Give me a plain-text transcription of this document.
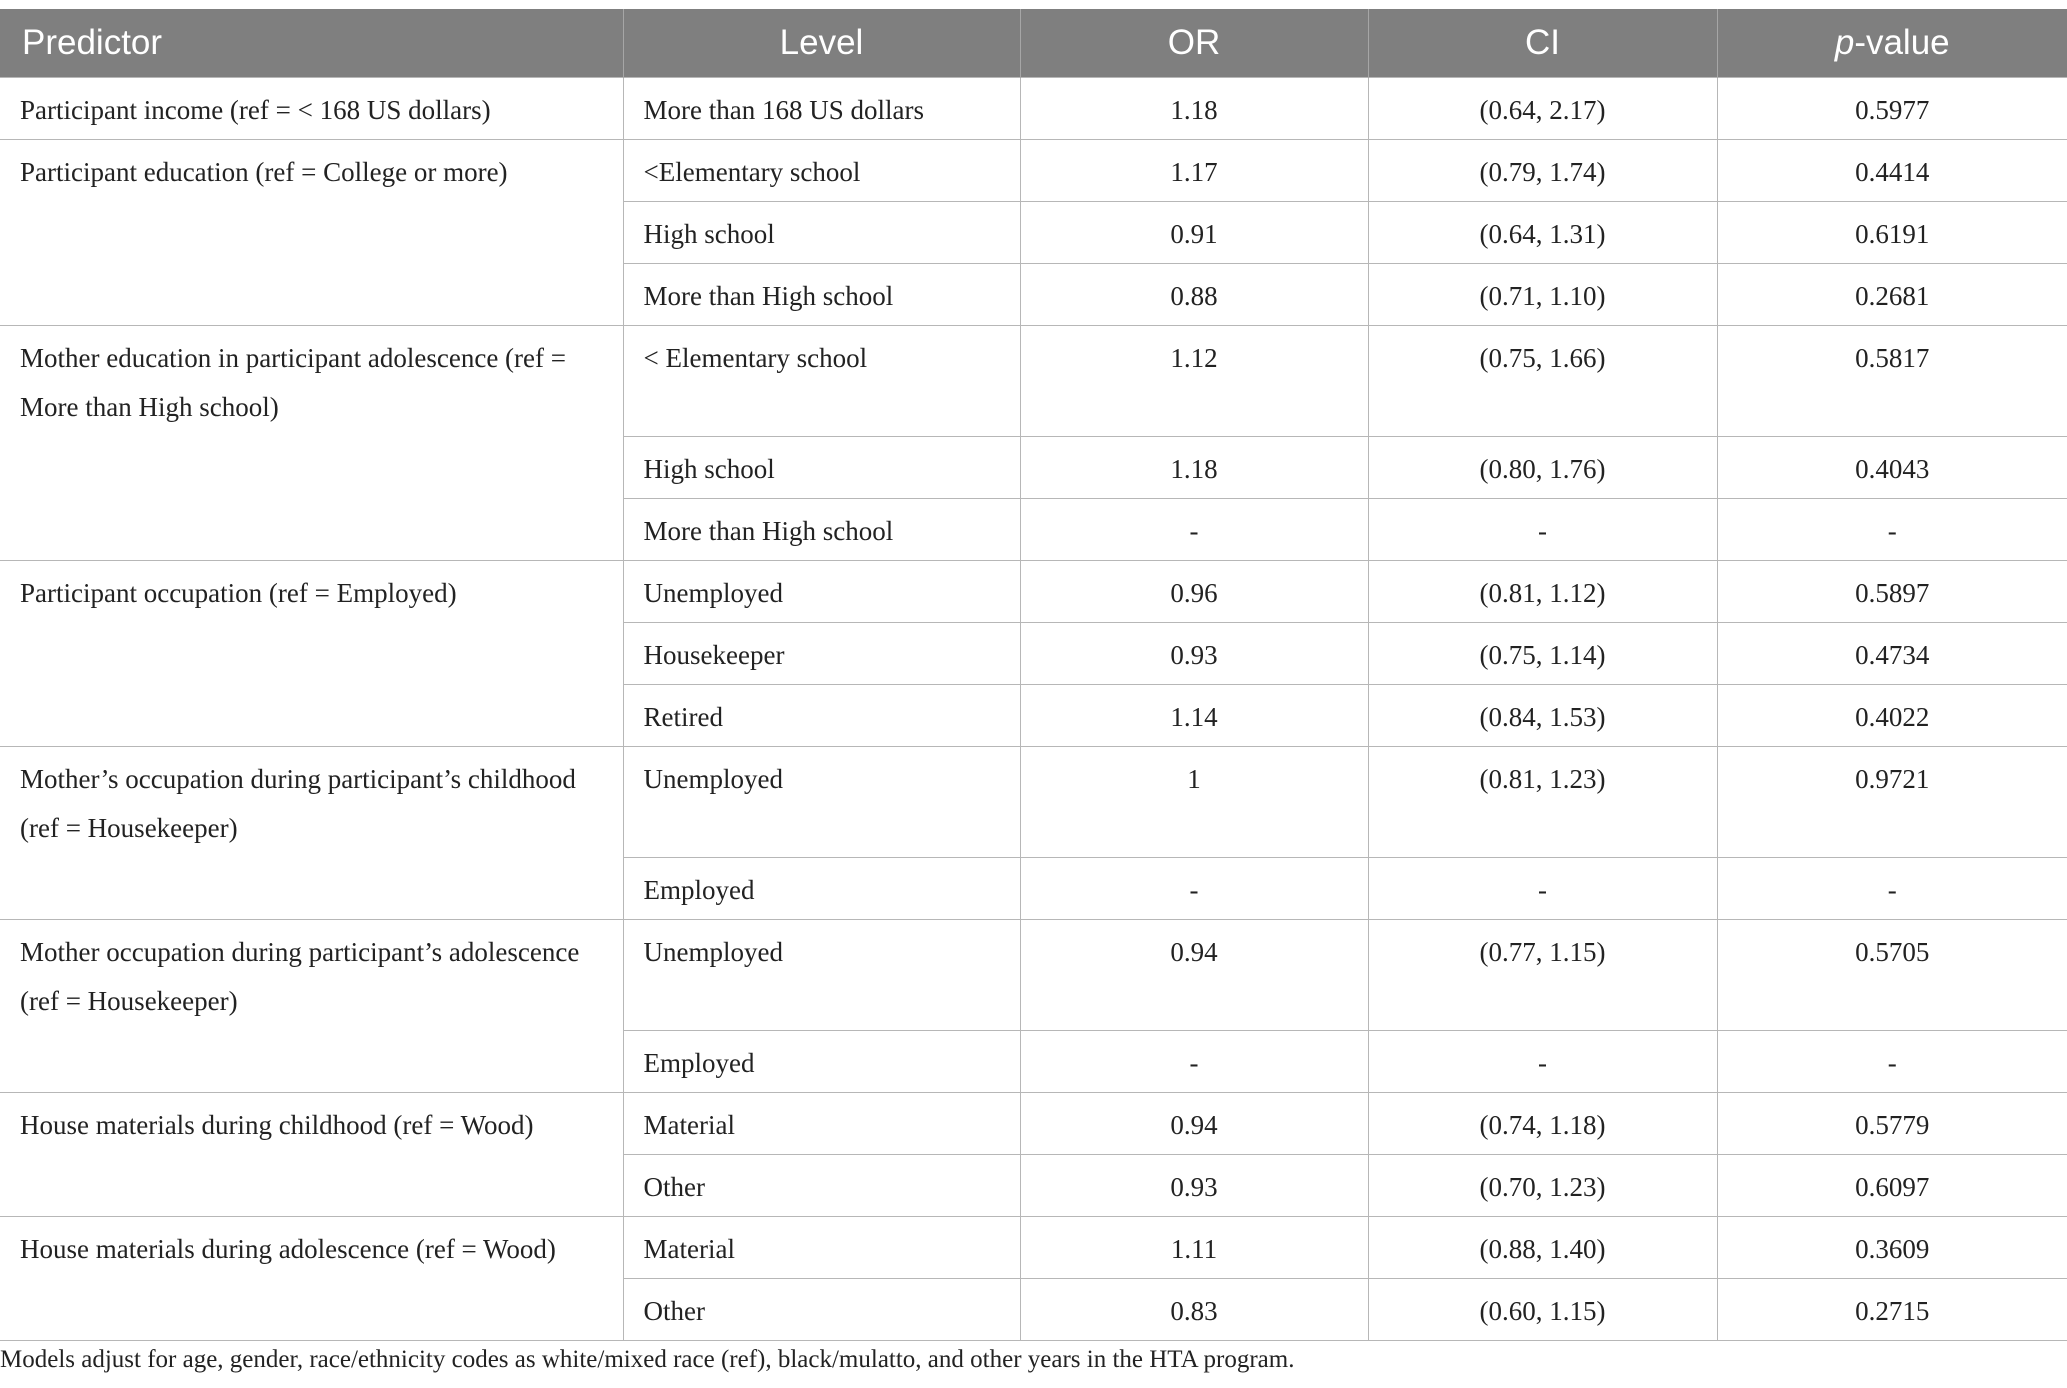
Predictor	Level	OR	CI	p-value
Participant income (ref = < 168 US dollars)	More than 168 US dollars	1.18	(0.64, 2.17)	0.5977
Participant education (ref = College or more)	<Elementary school	1.17	(0.79, 1.74)	0.4414
	High school	0.91	(0.64, 1.31)	0.6191
	More than High school	0.88	(0.71, 1.10)	0.2681
Mother education in participant adolescence (ref = More than High school)	< Elementary school	1.12	(0.75, 1.66)	0.5817
	High school	1.18	(0.80, 1.76)	0.4043
	More than High school	-	-	-
Participant occupation (ref = Employed)	Unemployed	0.96	(0.81, 1.12)	0.5897
	Housekeeper	0.93	(0.75, 1.14)	0.4734
	Retired	1.14	(0.84, 1.53)	0.4022
Mother’s occupation during participant’s childhood (ref = Housekeeper)	Unemployed	1	(0.81, 1.23)	0.9721
	Employed	-	-	-
Mother occupation during participant’s adolescence (ref = Housekeeper)	Unemployed	0.94	(0.77, 1.15)	0.5705
	Employed	-	-	-
House materials during childhood (ref = Wood)	Material	0.94	(0.74, 1.18)	0.5779
	Other	0.93	(0.70, 1.23)	0.6097
House materials during adolescence (ref = Wood)	Material	1.11	(0.88, 1.40)	0.3609
	Other	0.83	(0.60, 1.15)	0.2715
Models adjust for age, gender, race/ethnicity codes as white/mixed race (ref), black/mulatto, and other years in the HTA program.
